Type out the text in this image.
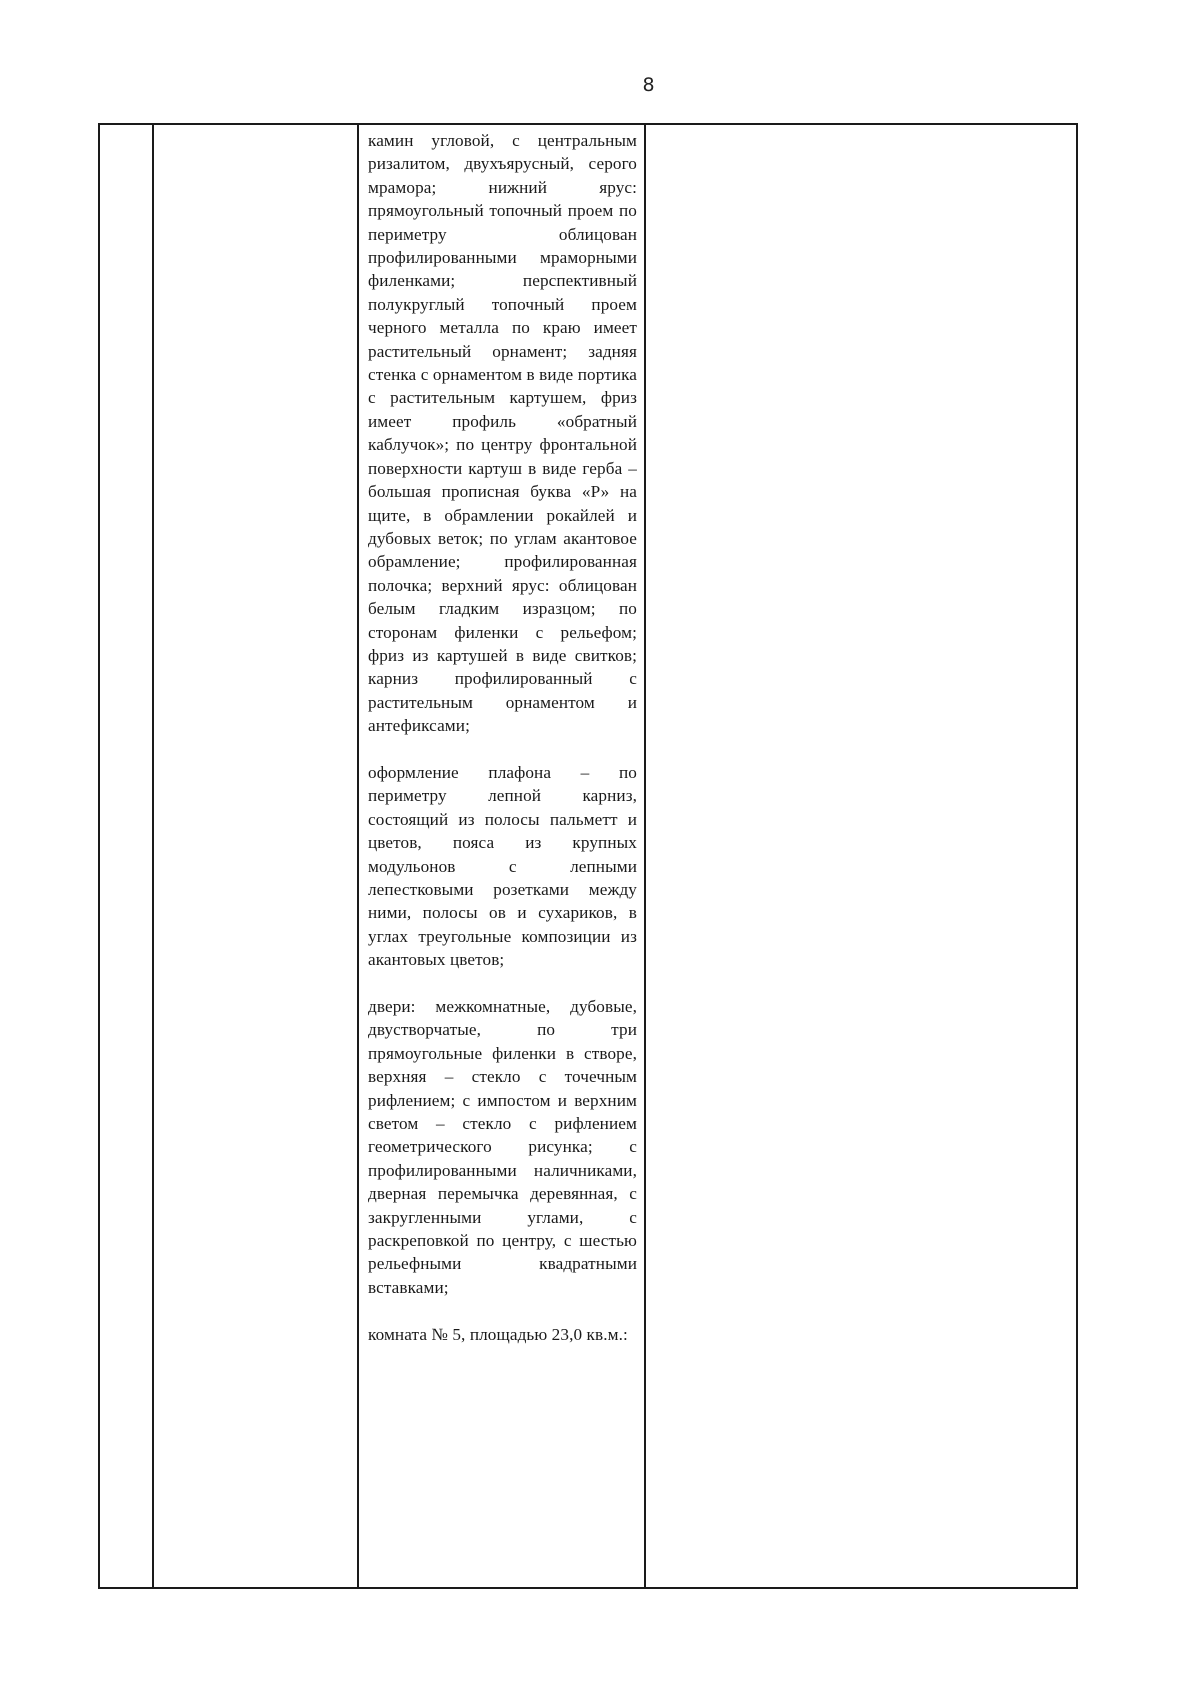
8

камин угловой, с центральным ризалитом, двухъярусный, серого мрамора; нижний ярус: прямоугольный топочный проем по периметру облицован профилированными мраморными филенками; перспективный полукруглый топочный проем черного металла по краю имеет растительный орнамент; задняя стенка с орнаментом в виде портика с растительным картушем, фриз имеет профиль «обратный каблучок»; по центру фронтальной поверхности картуш в виде герба – большая прописная буква «Р» на щите, в обрамлении рокайлей и дубовых веток; по углам акантовое обрамление; профилированная полочка; верхний ярус: облицован белым гладким изразцом; по сторонам филенки с рельефом; фриз из картушей в виде свитков; карниз профилированный с растительным орнаментом и антефиксами;

оформление плафона – по периметру лепной карниз, состоящий из полосы пальметт и цветов, пояса из крупных модульонов с лепными лепестковыми розетками между ними, полосы ов и сухариков, в углах треугольные композиции из акантовых цветов;

двери: межкомнатные, дубовые, двустворчатые, по три прямоугольные филенки в створе, верхняя – стекло с точечным рифлением; с импостом и верхним светом – стекло с рифлением геометрического рисунка; с профилированными наличниками, дверная перемычка деревянная, с закругленными углами, с раскреповкой по центру, с шестью рельефными квадратными вставками;

комната № 5, площадью 23,0 кв.м.:
